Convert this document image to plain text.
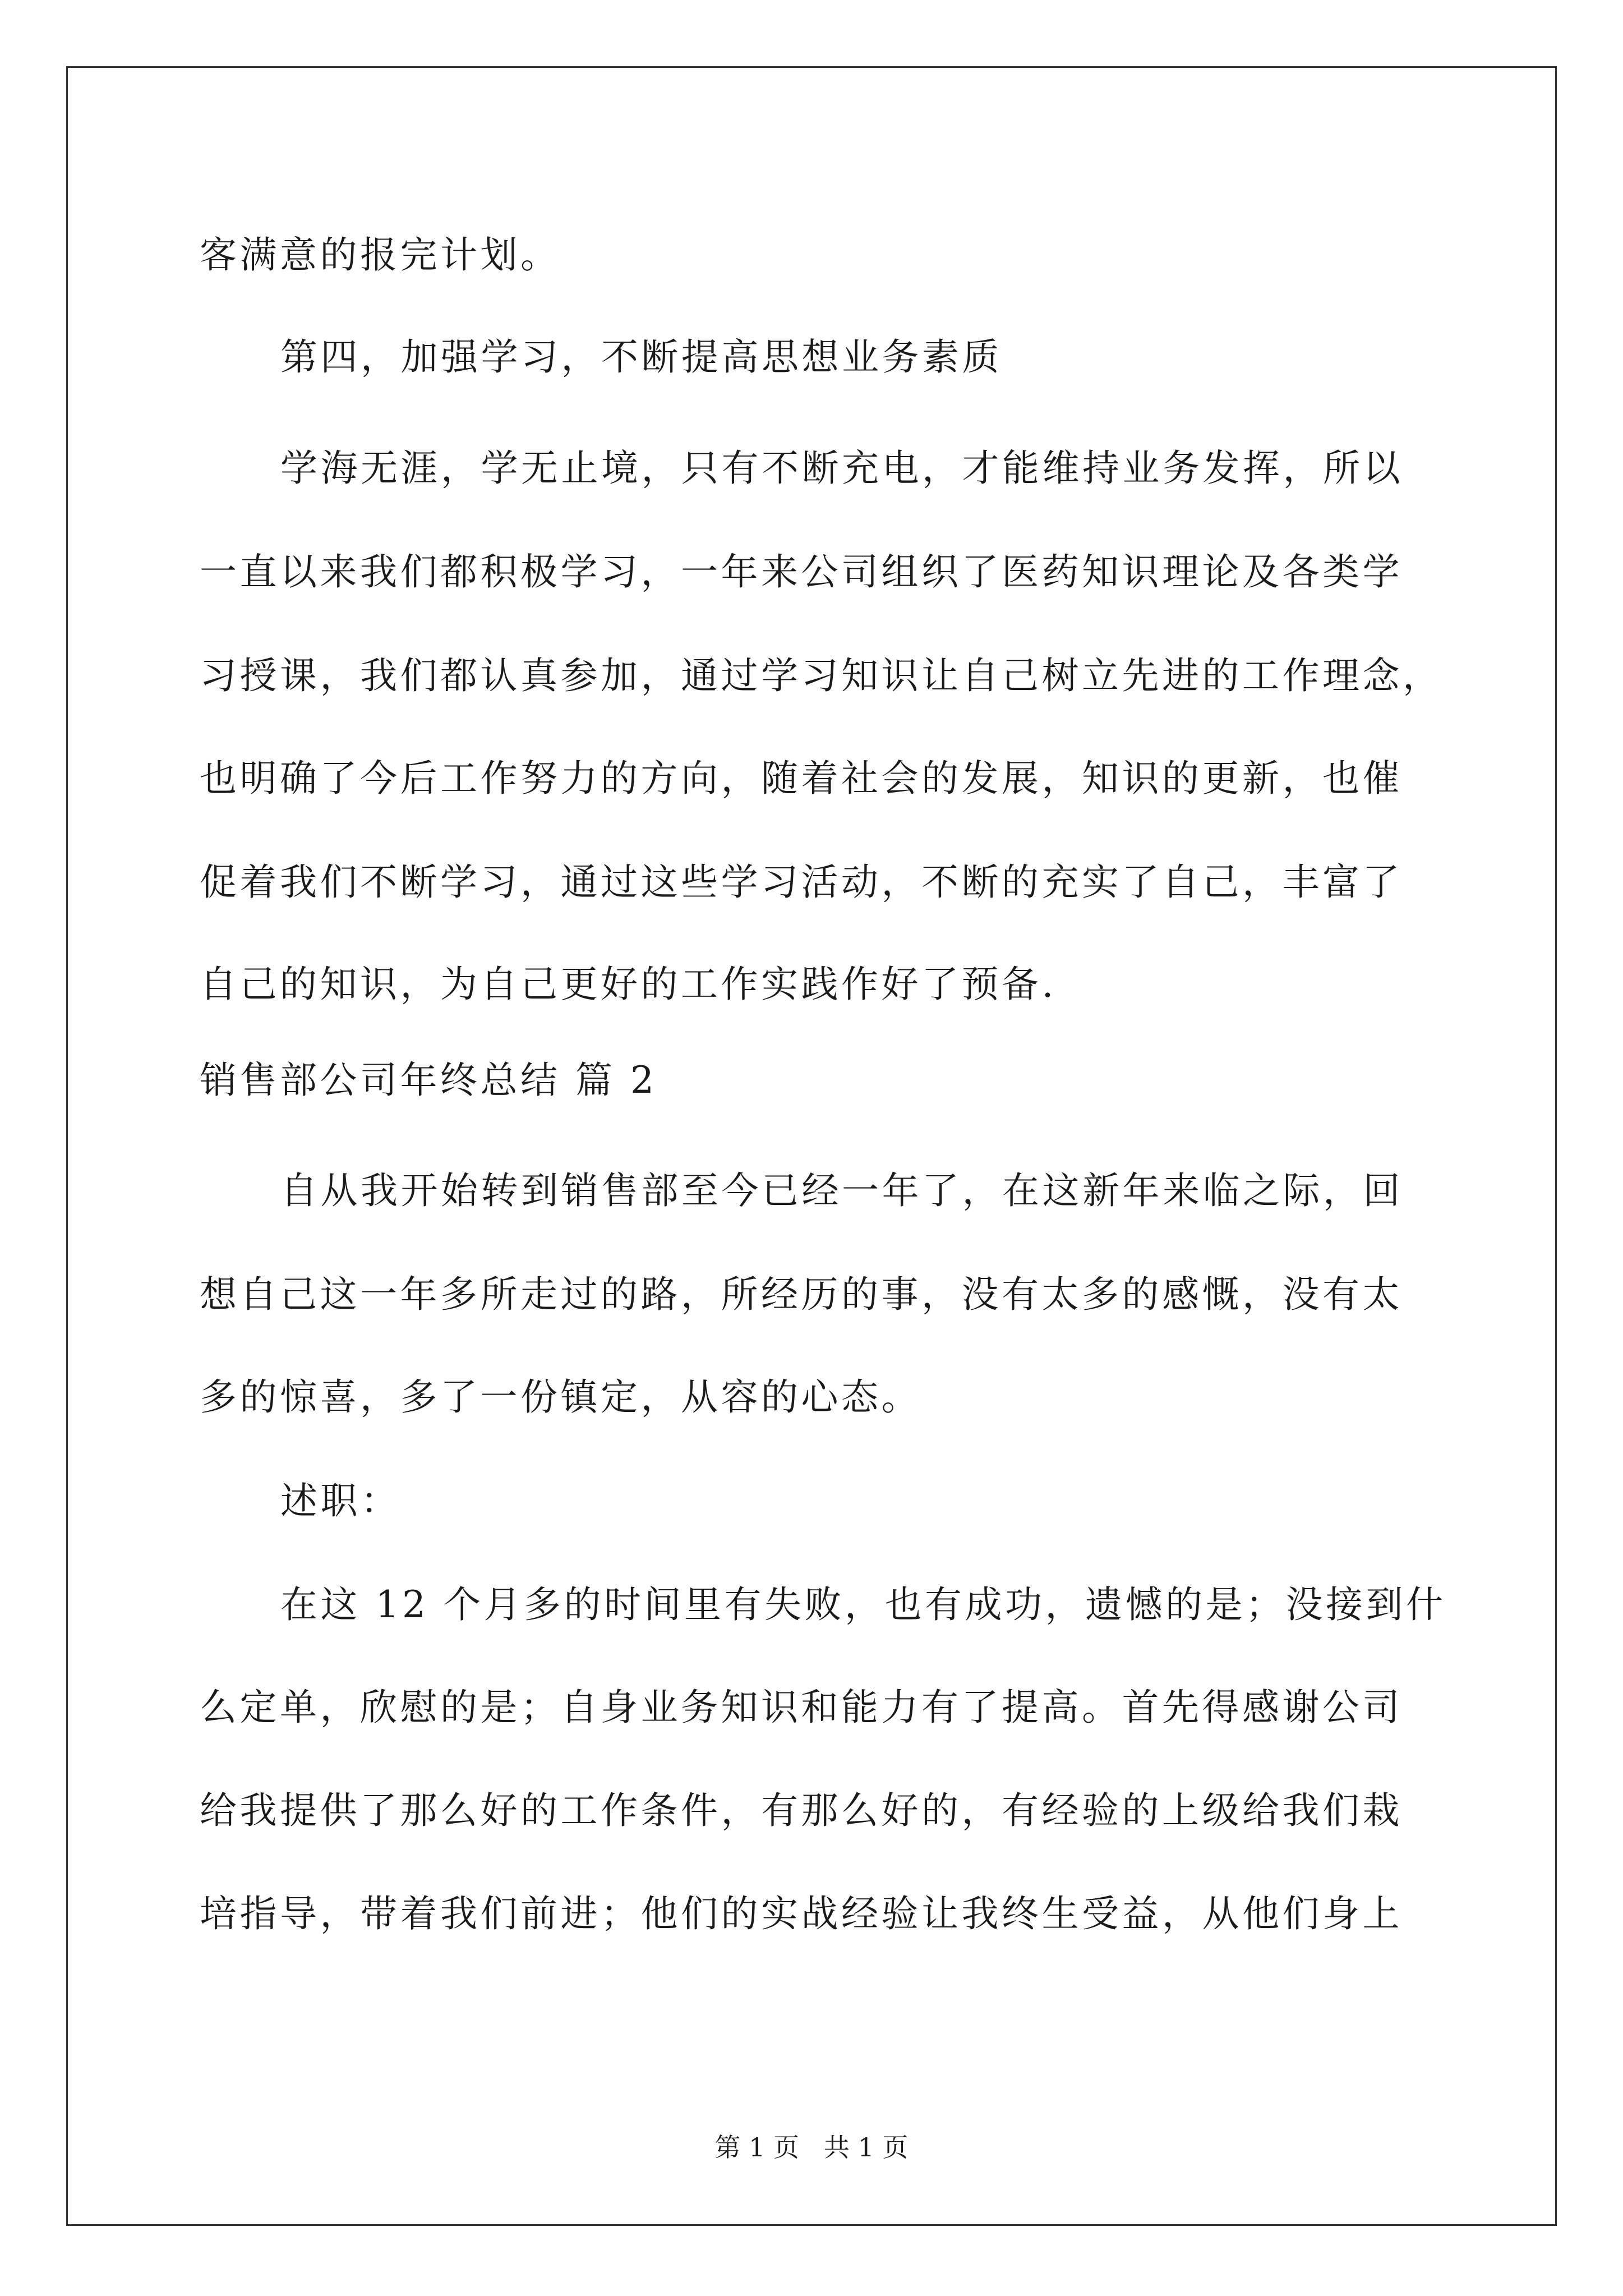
客满意的报完计划。
第四，加强学习，不断提高思想业务素质
学海无涯，学无止境，只有不断充电，才能维持业务发挥，所以
一直以来我们都积极学习，一年来公司组织了医药知识理论及各类学
习授课，我们都认真参加，通过学习知识让自己树立先进的工作理念，
也明确了今后工作努力的方向，随着社会的发展，知识的更新，也催
促着我们不断学习，通过这些学习活动，不断的充实了自己，丰富了
自己的知识，为自己更好的工作实践作好了预备.
销售部公司年终总结 篇 2
自从我开始转到销售部至今已经一年了，在这新年来临之际，回
想自己这一年多所走过的路，所经历的事，没有太多的感慨，没有太
多的惊喜，多了一份镇定，从容的心态。
述职：
在这 12 个月多的时间里有失败，也有成功，遗憾的是；没接到什
么定单，欣慰的是；自身业务知识和能力有了提高。首先得感谢公司
给我提供了那么好的工作条件，有那么好的，有经验的上级给我们栽
培指导，带着我们前进；他们的实战经验让我终生受益，从他们身上
第 1 页   共 1 页
